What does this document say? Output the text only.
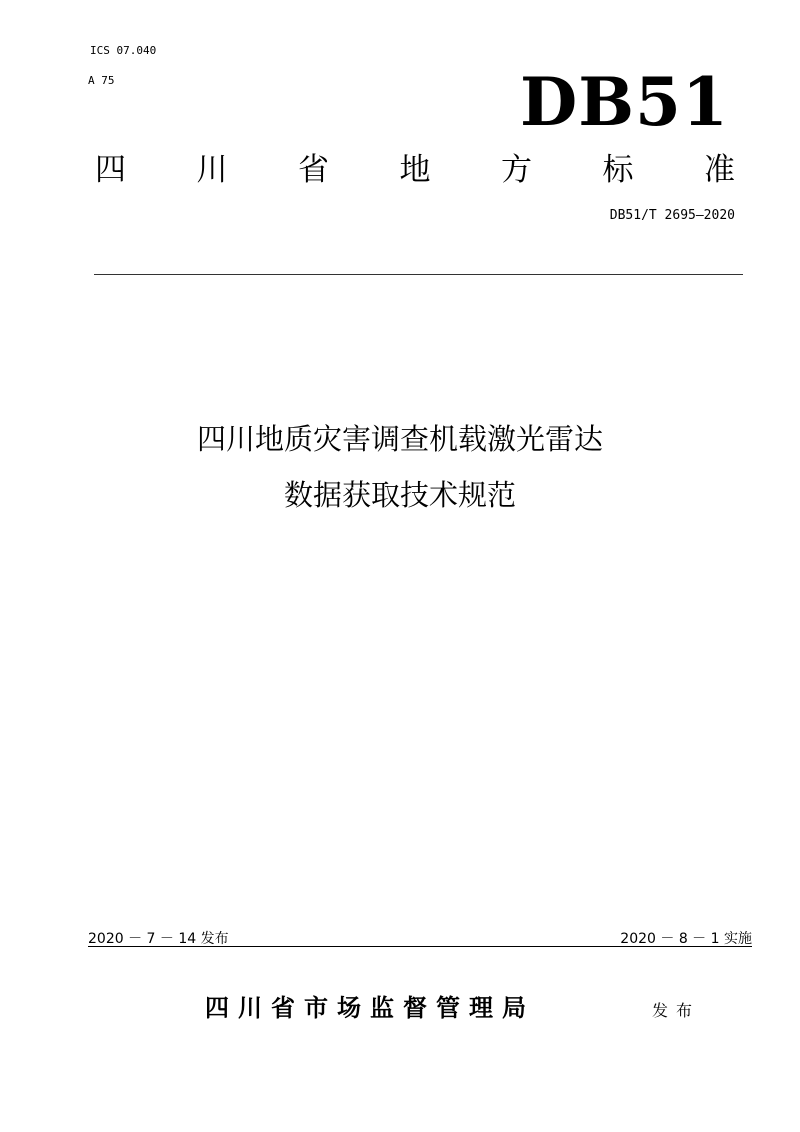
ICS 07.040
A 75	DB51
四 川 省 地 方 标 准
DB51/T 2695—2020
四川地质灾害调查机载激光雷达
数据获取技术规范
2020 － 7 － 14 发布	2020 － 8 － 1 实施
四川省市场监督管理局	发布
